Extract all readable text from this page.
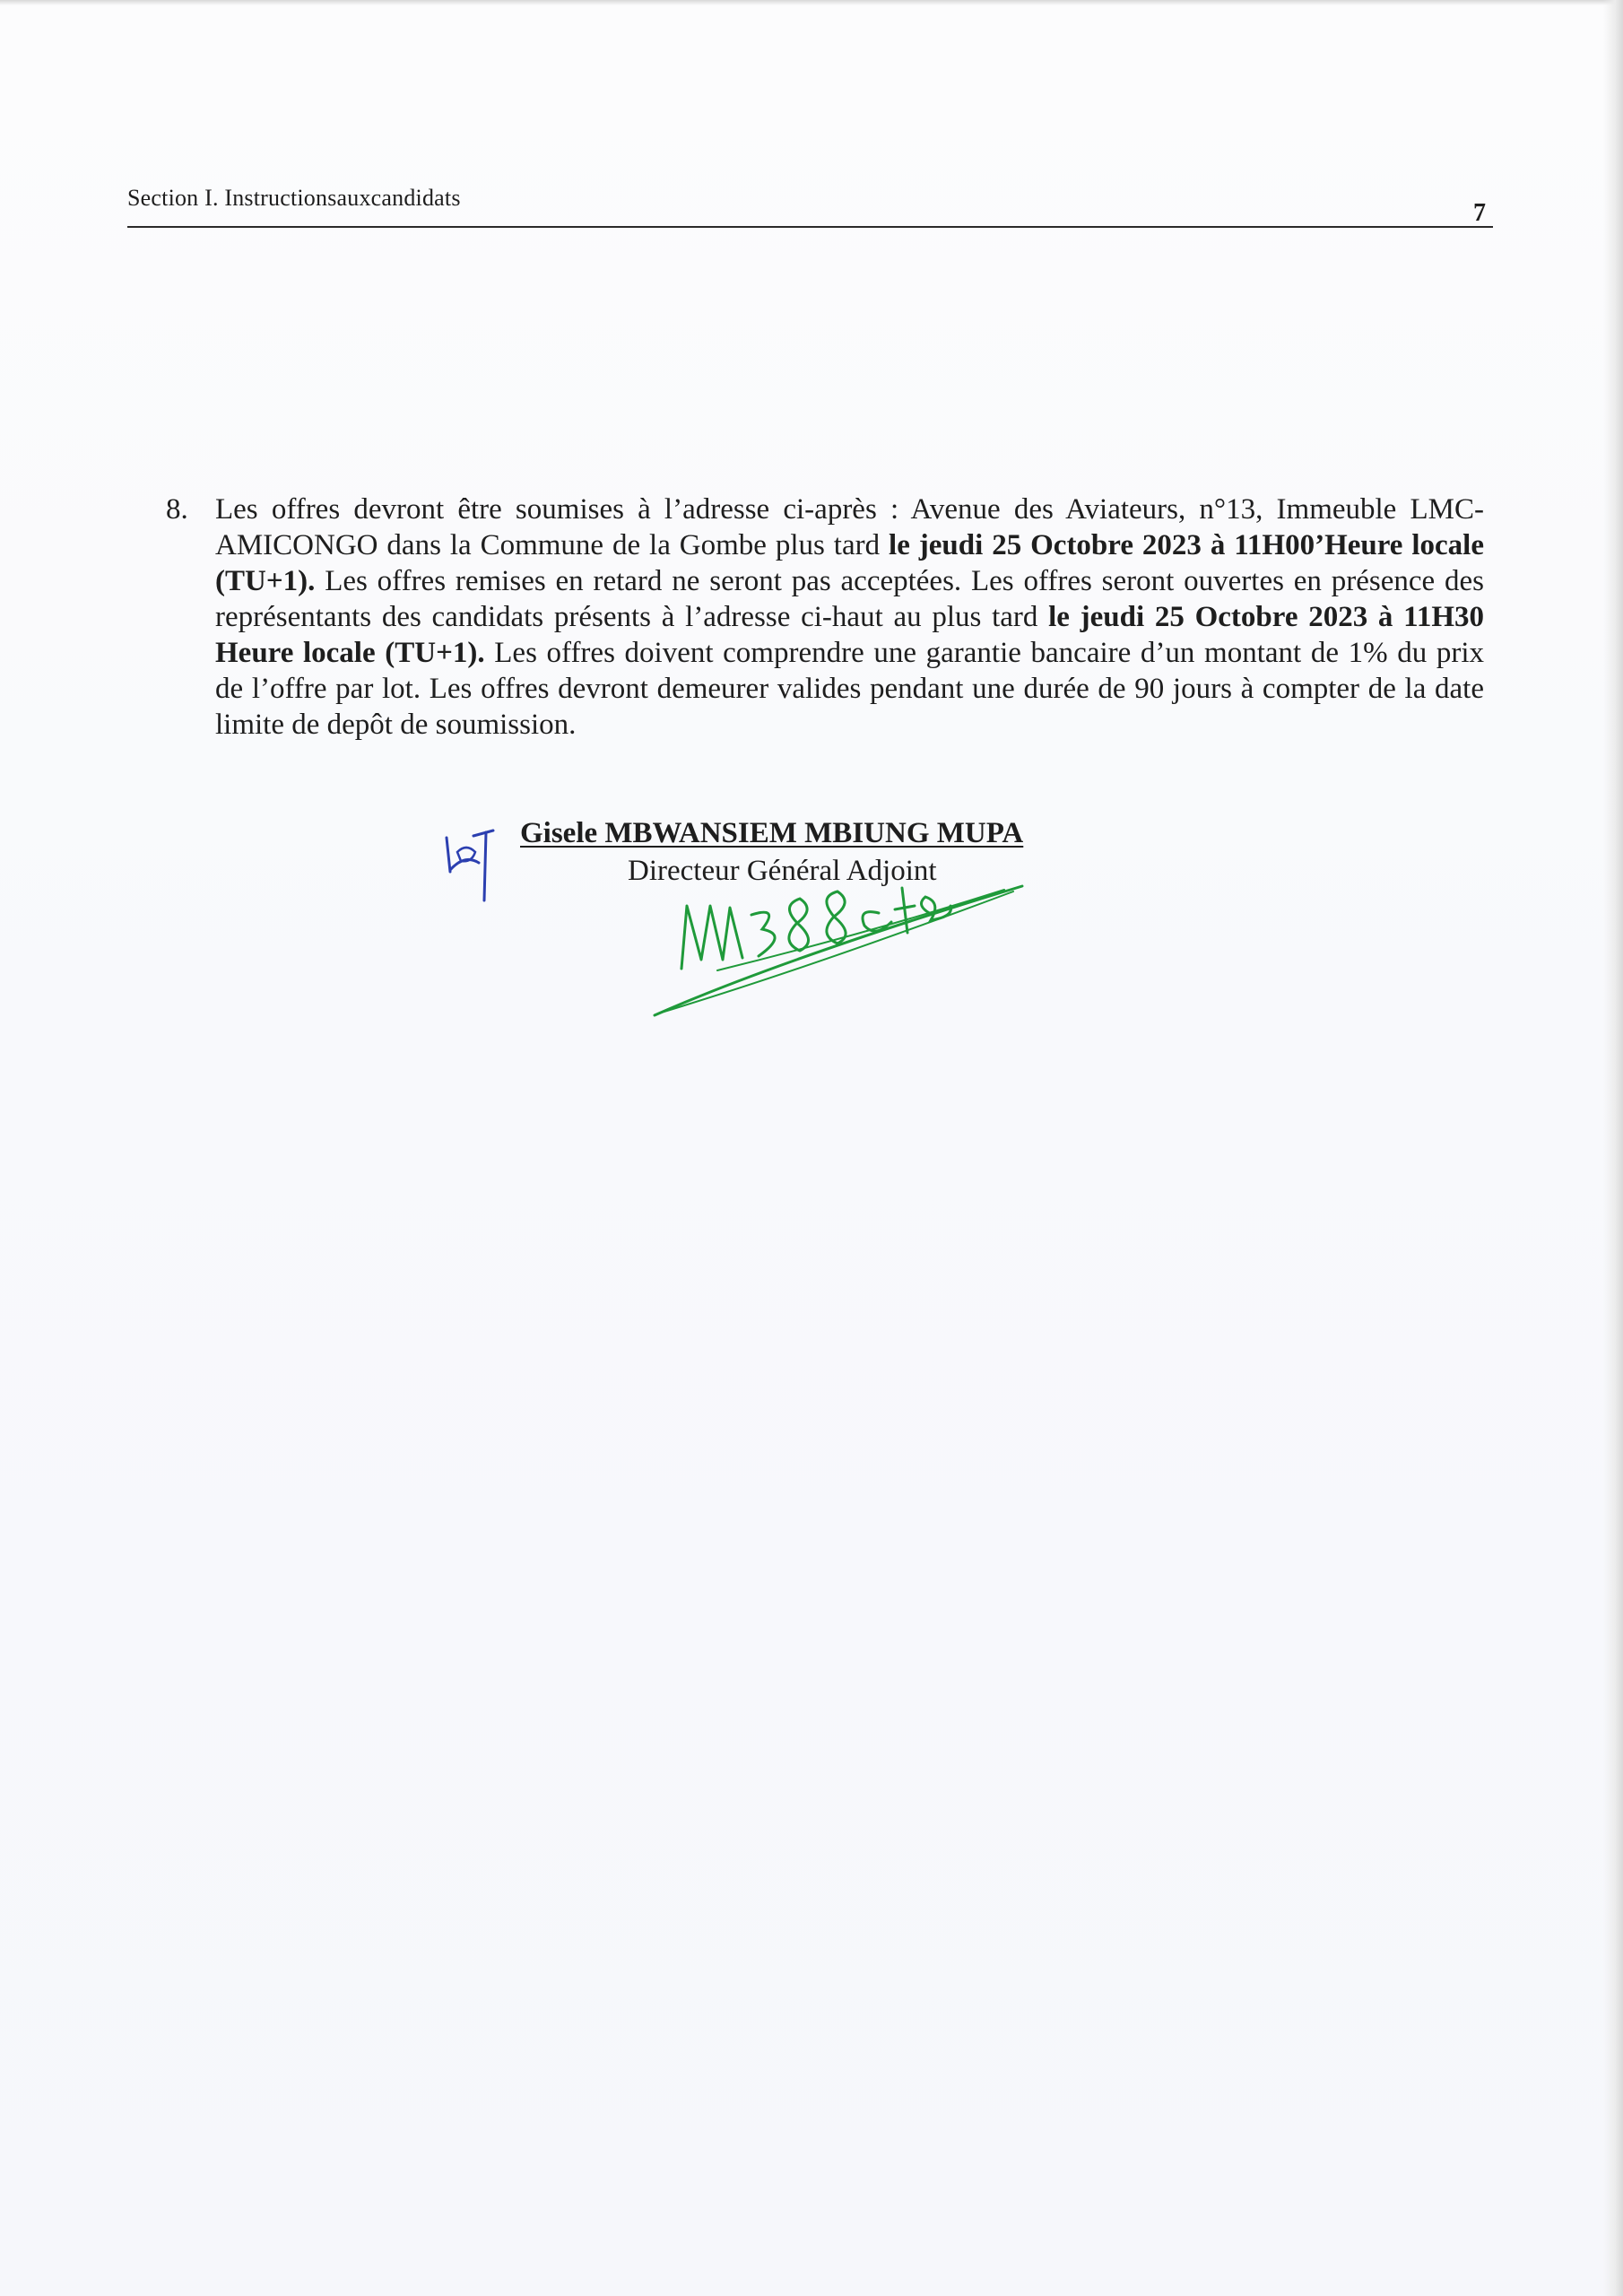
Section I. Instructionsauxcandidats
7
8. Les offres devront être soumises à l’adresse ci-après : Avenue des Aviateurs, n°13, Immeuble LMC-AMICONGO dans la Commune de la Gombe plus tard le jeudi 25 Octobre 2023 à 11H00’Heure locale (TU+1). Les offres remises en retard ne seront pas acceptées. Les offres seront ouvertes en présence des représentants des candidats présents à l’adresse ci-haut au plus tard le jeudi 25 Octobre 2023 à 11H30 Heure locale (TU+1). Les offres doivent comprendre une garantie bancaire d’un montant de 1% du prix de l’offre par lot. Les offres devront demeurer valides pendant une durée de 90 jours à compter de la date limite de depôt de soumission.
Gisele MBWANSIEM MBIUNG MUPA
Directeur Général Adjoint
